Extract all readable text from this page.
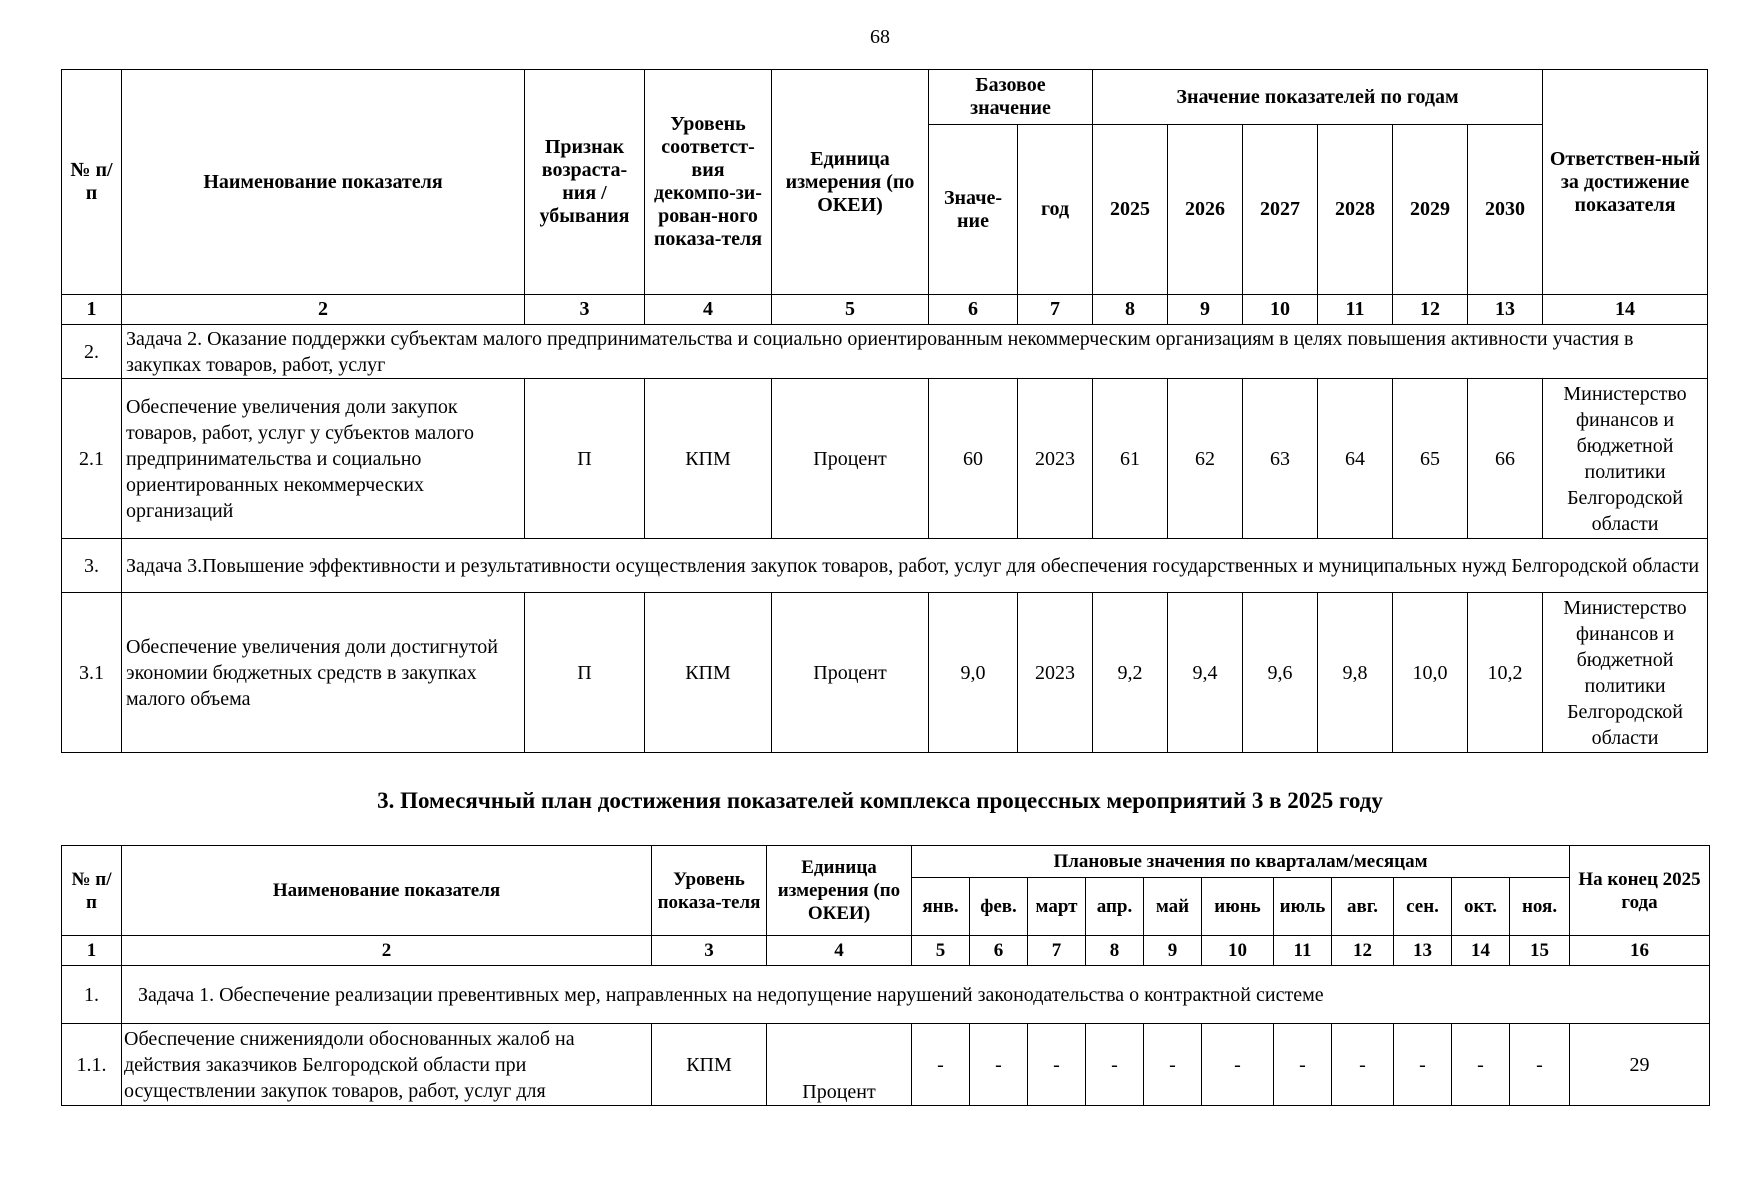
68
№ п/п	Наименование показателя	Признак возраста-ния / убывания	Уровень соответст-вия декомпо-зи-рован-ного показа-теля	Единица измерения (по ОКЕИ)	Базовое значение		Значение показателей по годам						Ответствен-ный за достижение показателя
					Значе-ние	год	2025	2026	2027	2028	2029	2030	
1	2	3	4	5	6	7	8	9	10	11	12	13	14
2.	Задача 2. Оказание поддержки субъектам малого предпринимательства и социально ориентированным некоммерческим организациям в целях повышения активности участия в закупках товаров, работ, услуг												
2.1	Обеспечение увеличения доли закупок товаров, работ, услуг у субъектов малого предпринимательства и социально ориентированных некоммерческих организаций	П	КПМ	Процент	60	2023	61	62	63	64	65	66	Министерство финансов и бюджетной политики Белгородской области
3.	Задача 3.Повышение эффективности и результативности осуществления закупок товаров, работ, услуг для обеспечения государственных и муниципальных нужд Белгородской области												
3.1	Обеспечение увеличения доли достигнутой экономии бюджетных средств в закупках малого объема	П	КПМ	Процент	9,0	2023	9,2	9,4	9,6	9,8	10,0	10,2	Министерство финансов и бюджетной политики Белгородской области
3. Помесячный план достижения показателей комплекса процессных мероприятий 3 в 2025 году
№ п/п	Наименование показателя	Уровень показа-теля	Единица измерения (по ОКЕИ)	Плановые значения по кварталам/месяцам											На конец 2025 года
				янв.	фев.	март	апр.	май	июнь	июль	авг.	сен.	окт.	ноя.	
1	2	3	4	5	6	7	8	9	10	11	12	13	14	15	16
1.	Задача 1. Обеспечение реализации превентивных мер, направленных на недопущение нарушений законодательства о контрактной системе														
1.1.	Обеспечение снижениядоли обоснованных жалоб на действия заказчиков Белгородской области при осуществлении закупок товаров, работ, услуг для	КПМ	Процент	-	-	-	-	-	-	-	-	-	-	-	29
